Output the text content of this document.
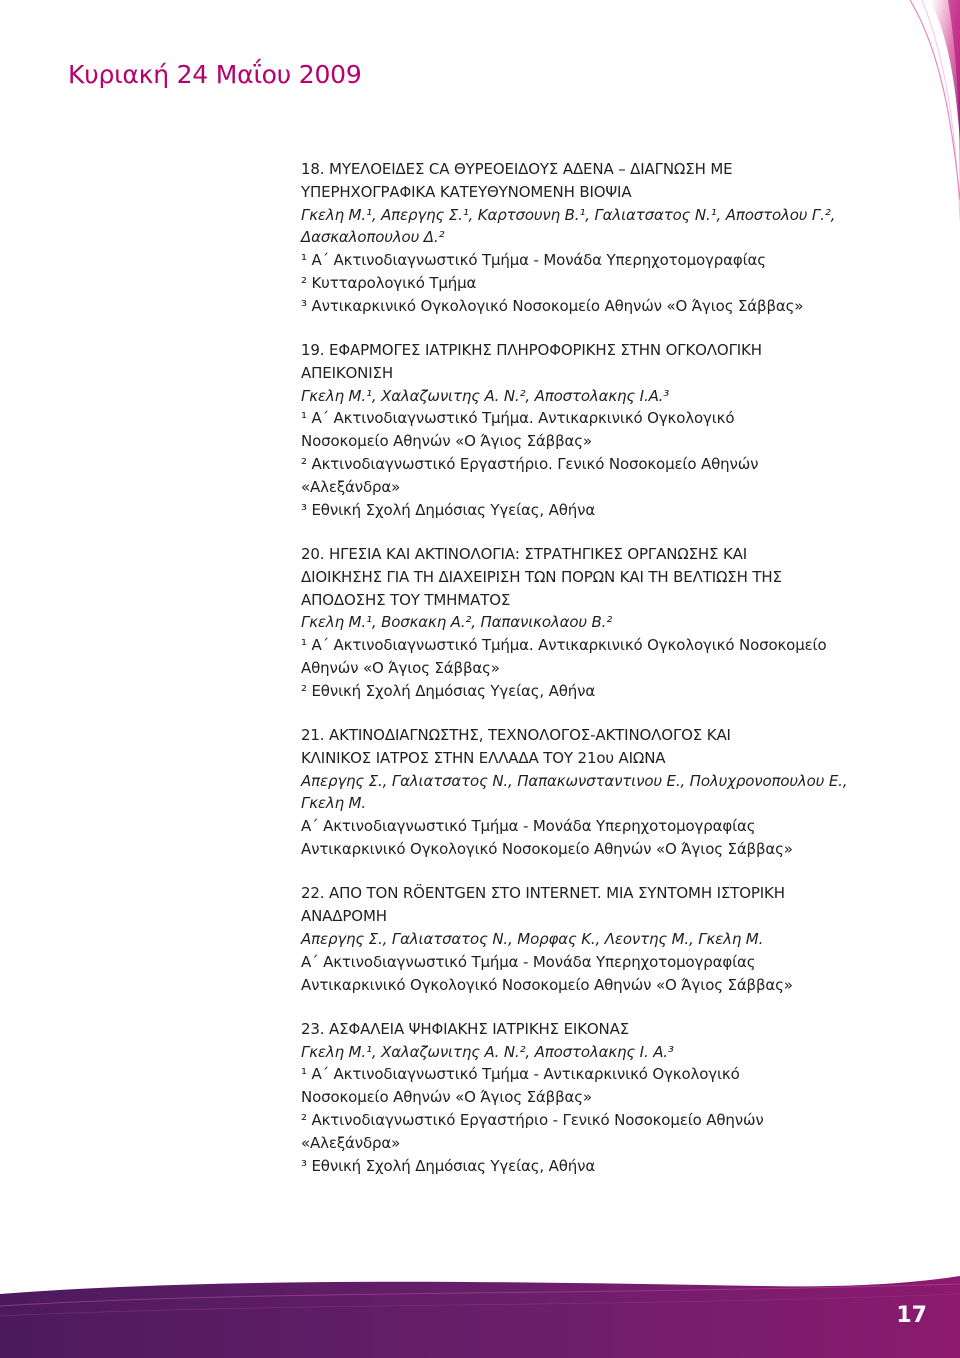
Κυριακή 24 Μαΐου 2009
18. ΜΥΕΛΟΕΙΔΕΣ CA ΘΥΡΕΟΕΙΔΟΥΣ ΑΔΕΝΑ – ΔΙΑΓΝΩΣΗ ΜΕ
ΥΠΕΡΗΧΟΓΡΑΦΙΚΑ ΚΑΤΕΥΘΥΝΟΜΕΝΗ ΒΙΟΨΙΑ
Γκελη Μ.¹, Απεργης Σ.¹, Καρτσουνη Β.¹, Γαλιατσατος Ν.¹, Αποστολου Γ.²,
Δασκαλοπουλου Δ.²
¹ Α΄ Ακτινοδιαγνωστικό Τμήμα - Μονάδα Υπερηχοτομογραφίας
² Κυτταρολογικό Τμήμα
³ Αντικαρκινικό Ογκολογικό Νοσοκομείο Αθηνών «Ο Άγιος Σάββας»
19. ΕΦΑΡΜΟΓΕΣ ΙΑΤΡΙΚΗΣ ΠΛΗΡΟΦΟΡΙΚΗΣ ΣΤΗΝ ΟΓΚΟΛΟΓΙΚΗ
ΑΠΕΙΚΟΝΙΣΗ
Γκελη Μ.¹, Χαλαζωνιτης Α. Ν.², Αποστολακης Ι.Α.³
¹ Α΄ Ακτινοδιαγνωστικό Τμήμα. Αντικαρκινικό Ογκολογικό
Νοσοκομείο Αθηνών «Ο Άγιος Σάββας»
² Ακτινοδιαγνωστικό Εργαστήριο. Γενικό Νοσοκομείο Αθηνών
«Αλεξάνδρα»
³ Εθνική Σχολή Δημόσιας Υγείας, Αθήνα
20. ΗΓΕΣΙΑ ΚΑΙ ΑΚΤΙΝΟΛΟΓΙΑ: ΣΤΡΑΤΗΓΙΚΕΣ ΟΡΓΑΝΩΣΗΣ ΚΑΙ
ΔΙΟΙΚΗΣΗΣ ΓΙΑ ΤΗ ΔΙΑΧΕΙΡΙΣΗ ΤΩΝ ΠΟΡΩΝ ΚΑΙ ΤΗ ΒΕΛΤΙΩΣΗ ΤΗΣ
ΑΠΟΔΟΣΗΣ ΤΟΥ ΤΜΗΜΑΤΟΣ
Γκελη Μ.¹, Βοσκακη Α.², Παπανικολαου Β.²
¹ Α΄ Ακτινοδιαγνωστικό Τμήμα. Αντικαρκινικό Ογκολογικό Νοσοκομείο
Αθηνών «Ο Άγιος Σάββας»
² Εθνική Σχολή Δημόσιας Υγείας, Αθήνα
21. ΑΚΤΙΝΟΔΙΑΓΝΩΣΤΗΣ, ΤΕΧΝΟΛΟΓΟΣ-ΑΚΤΙΝΟΛΟΓΟΣ ΚΑΙ
ΚΛΙΝΙΚΟΣ ΙΑΤΡΟΣ ΣΤΗΝ ΕΛΛΑΔΑ ΤΟΥ 21ου ΑΙΩΝΑ
Απεργης Σ., Γαλιατσατος Ν., Παπακωνσταντινου Ε., Πολυχρονοπουλου Ε.,
Γκελη Μ.
Α΄ Ακτινοδιαγνωστικό Τμήμα - Μονάδα Υπερηχοτομογραφίας
Αντικαρκινικό Ογκολογικό Νοσοκομείο Αθηνών «Ο Άγιος Σάββας»
22. ΑΠΟ ΤΟΝ RÖENTGEN ΣΤΟ INTERNET. ΜΙΑ ΣΥΝΤΟΜΗ ΙΣΤΟΡΙΚΗ
ΑΝΑΔΡΟΜΗ
Απεργης Σ., Γαλιατσατος Ν., Μορφας Κ., Λεοντης Μ., Γκελη Μ.
Α΄ Ακτινοδιαγνωστικό Τμήμα - Μονάδα Υπερηχοτομογραφίας
Αντικαρκινικό Ογκολογικό Νοσοκομείο Αθηνών «Ο Άγιος Σάββας»
23. ΑΣΦΑΛΕΙΑ ΨΗΦΙΑΚΗΣ ΙΑΤΡΙΚΗΣ ΕΙΚΟΝΑΣ
Γκελη Μ.¹, Χαλαζωνιτης Α. Ν.², Αποστολακης Ι. Α.³
¹ Α΄ Ακτινοδιαγνωστικό Τμήμα - Αντικαρκινικό Ογκολογικό
Νοσοκομείο Αθηνών «Ο Άγιος Σάββας»
² Ακτινοδιαγνωστικό Εργαστήριο - Γενικό Νοσοκομείο Αθηνών
«Αλεξάνδρα»
³ Εθνική Σχολή Δημόσιας Υγείας, Αθήνα
17
